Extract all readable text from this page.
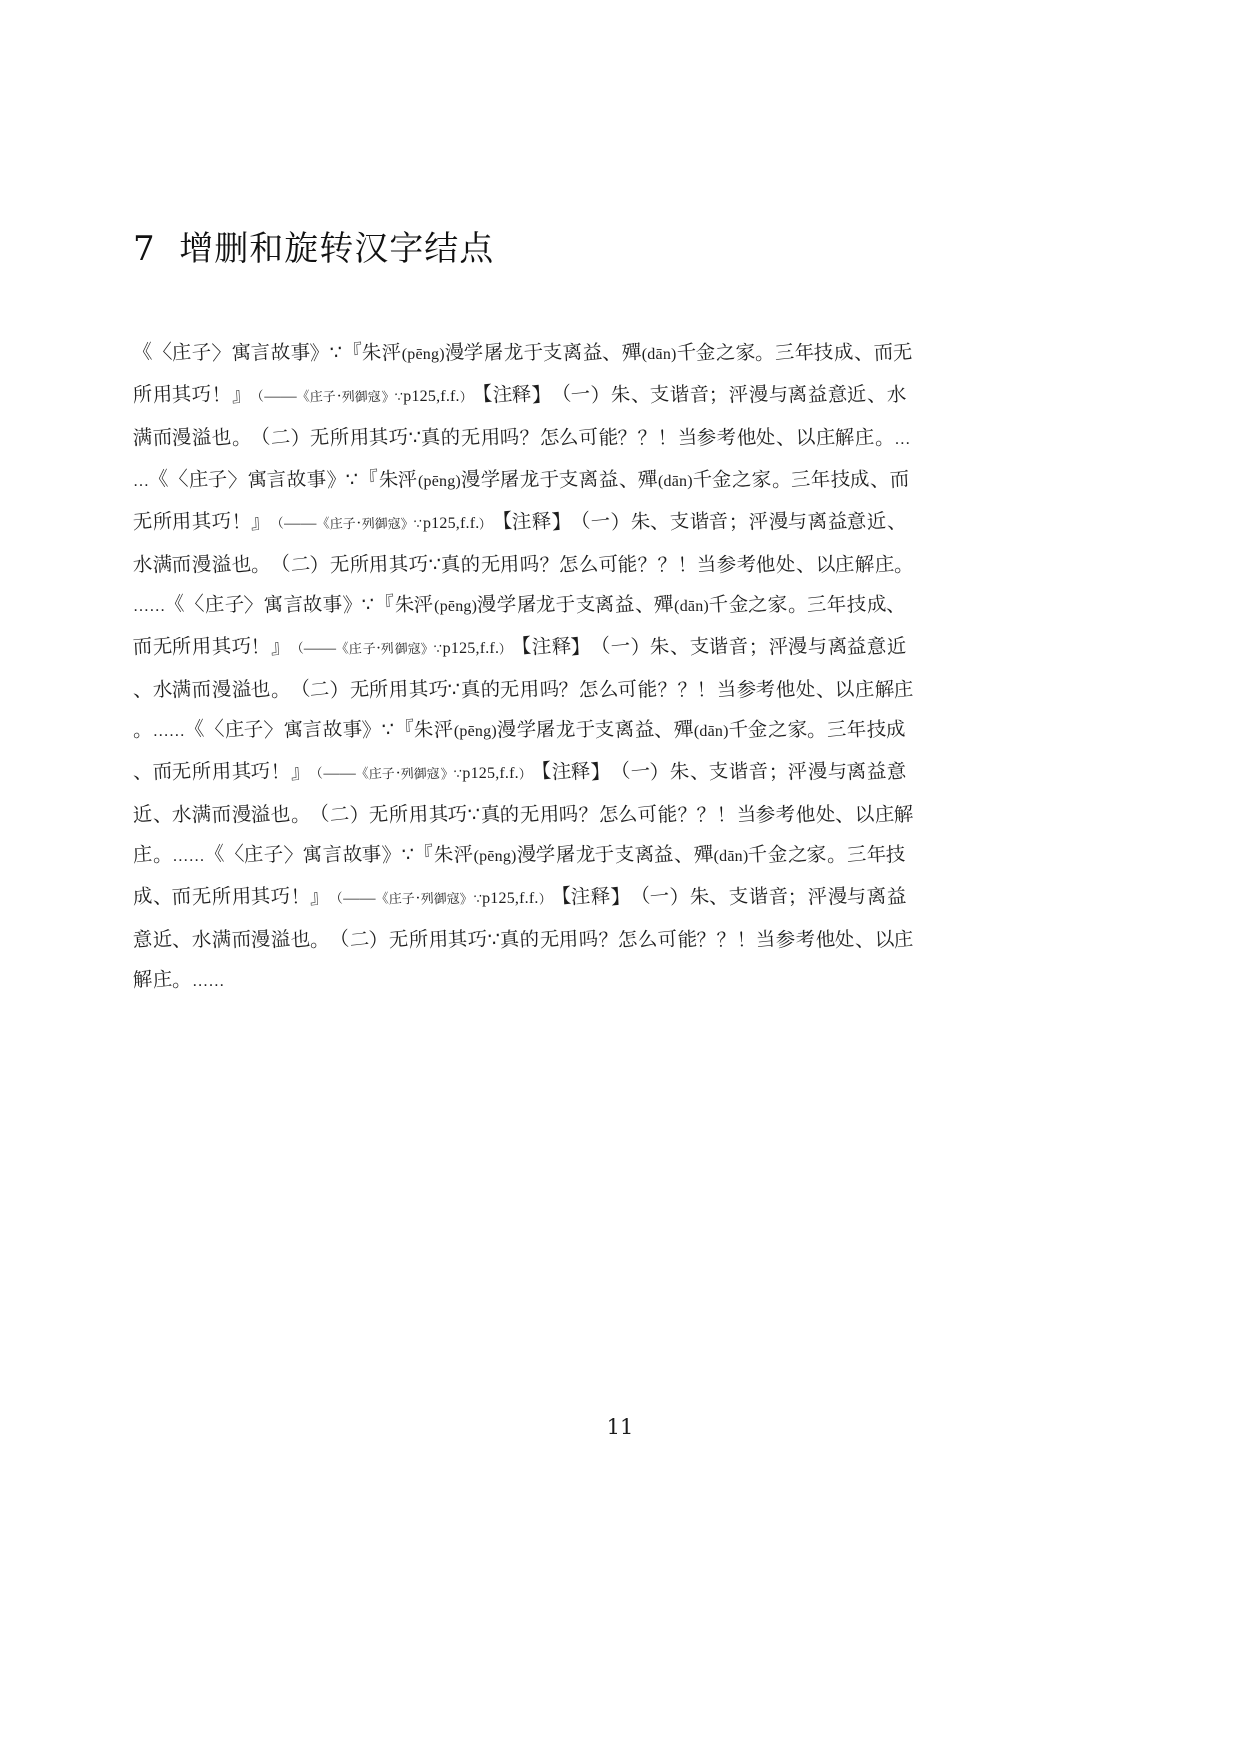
7  增删和旋转汉字结点
《〈庄子〉寓言故事》∵『朱泙(pēng)漫学屠龙于支离益、殫(dān)千金之家。三年技成、而无所用其巧！』（——《庄子·列御寇》∵p125,f.f.）【注释】（一）朱、支谐音；泙漫与离益意近、水满而漫溢也。（二）无所用其巧∵真的无用吗？怎么可能？？！当参考他处、以庄解庄。……《〈庄子〉寓言故事》∵『朱泙(pēng)漫学屠龙于支离益、殫(dān)千金之家。三年技成、而无所用其巧！』（——《庄子·列御寇》∵p125,f.f.）【注释】（一）朱、支谐音；泙漫与离益意近、水满而漫溢也。（二）无所用其巧∵真的无用吗？怎么可能？？！当参考他处、以庄解庄。……《〈庄子〉寓言故事》∵『朱泙(pēng)漫学屠龙于支离益、殫(dān)千金之家。三年技成、而无所用其巧！』（——《庄子·列御寇》∵p125,f.f.）【注释】（一）朱、支谐音；泙漫与离益意近、水满而漫溢也。（二）无所用其巧∵真的无用吗？怎么可能？？！当参考他处、以庄解庄。……《〈庄子〉寓言故事》∵『朱泙(pēng)漫学屠龙于支离益、殫(dān)千金之家。三年技成、而无所用其巧！』（——《庄子·列御寇》∵p125,f.f.）【注释】（一）朱、支谐音；泙漫与离益意近、水满而漫溢也。（二）无所用其巧∵真的无用吗？怎么可能？？！当参考他处、以庄解庄。……《〈庄子〉寓言故事》∵『朱泙(pēng)漫学屠龙于支离益、殫(dān)千金之家。三年技成、而无所用其巧！』（——《庄子·列御寇》∵p125,f.f.）【注释】（一）朱、支谐音；泙漫与离益意近、水满而漫溢也。（二）无所用其巧∵真的无用吗？怎么可能？？！当参考他处、以庄解庄。……
11
